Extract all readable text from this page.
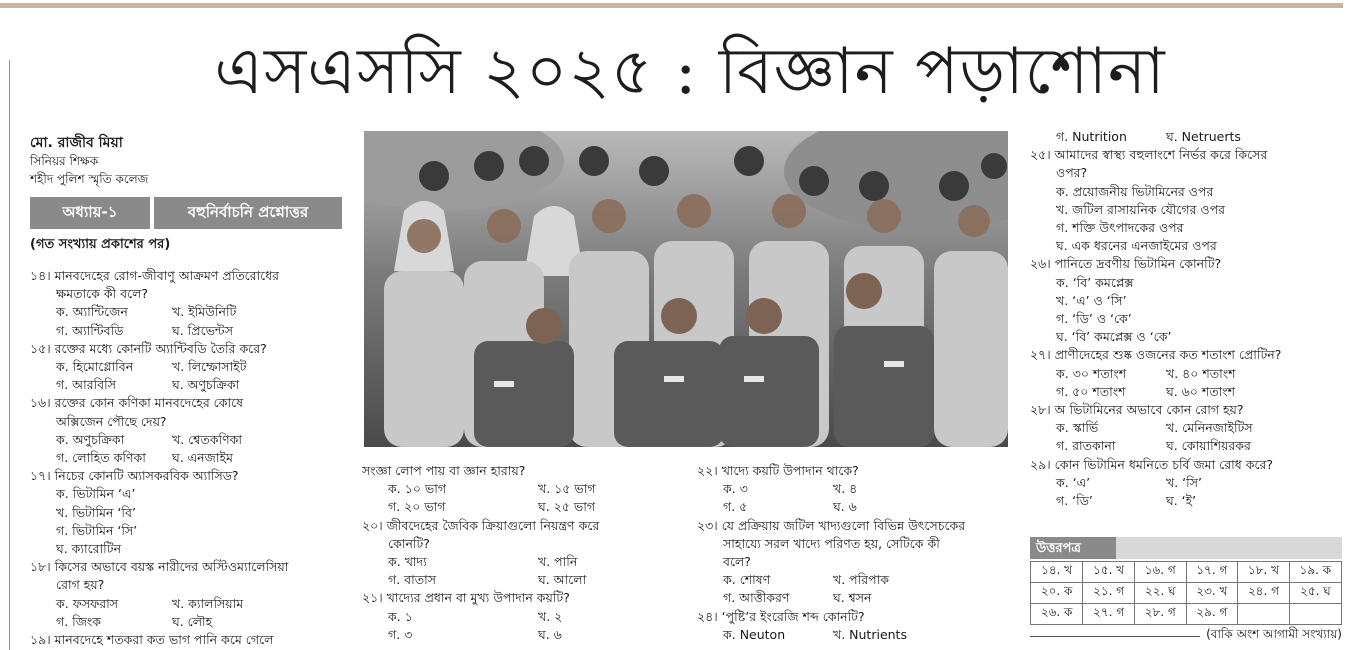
এসএসসি ২০২৫ : বিজ্ঞান পড়াশোনা
মো. রাজীব মিয়া
সিনিয়র শিক্ষক
শহীদ পুলিশ স্মৃতি কলেজ
অধ্যায়-১	বহুনির্বাচনি প্রশ্নোত্তর
(গত সংখ্যায় প্রকাশের পর)
১৪। মানবদেহের রোগ-জীবাণু আক্রমণ প্রতিরোধের
ক্ষমতাকে কী বলে?
ক. অ্যান্টিজেন	খ. ইমিউনিটি
গ. অ্যান্টিবডি	ঘ. প্রিভেন্টস
১৫। রক্তের মধ্যে কোনটি অ্যান্টিবডি তৈরি করে?
ক. হিমোগ্লোবিন	খ. লিম্ফোসাইট
গ. আরবিসি	ঘ. অণুচক্রিকা
১৬। রক্তের কোন কণিকা মানবদেহের কোষে
অক্সিজেন পৌছে দেয়?
ক. অণুচক্রিকা	খ. শ্বেতকণিকা
গ. লোহিত কণিকা	ঘ. এনজাইম
১৭। নিচের কোনটি অ্যাসকরবিক অ্যাসিড?
ক. ভিটামিন ‘এ’
খ. ভিটামিন ‘বি’
গ. ভিটামিন ‘সি’
ঘ. ক্যারোটিন
১৮। কিসের অভাবে বয়স্ক নারীদের অস্টিওম্যালেসিয়া
রোগ হয়?
ক. ফসফরাস	খ. ক্যালসিয়াম
গ. জিংক	ঘ. লৌহ
১৯। মানবদেহে শতকরা কত ভাগ পানি কমে গেলে
সংজ্ঞা লোপ পায় বা জ্ঞান হারায়?
ক. ১০ ভাগ	খ. ১৫ ভাগ
গ. ২০ ভাগ	ঘ. ২৫ ভাগ
২০। জীবদেহের জৈবিক ক্রিয়াগুলো নিয়ন্ত্রণ করে
কোনটি?
ক. খাদ্য	খ. পানি
গ. বাতাস	ঘ. আলো
২১। খাদ্যের প্রধান বা মুখ্য উপাদান কয়টি?
ক. ১	খ. ২
গ. ৩	ঘ. ৬
২২। খাদ্যে কয়টি উপাদান থাকে?
ক. ৩	খ. ৪
গ. ৫	ঘ. ৬
২৩। যে প্রক্রিয়ায় জটিল খাদ্যগুলো বিভিন্ন উৎসেচকের
সাহায্যে সরল খাদ্যে পরিণত হয়, সেটিকে কী
বলে?
ক. শোষণ	খ. পরিপাক
গ. আত্তীকরণ	ঘ. শ্বসন
২৪। ‘পুষ্টি’র ইংরেজি শব্দ কোনটি?
ক. Neuton	খ. Nutrients
গ. Nutrition	ঘ. Netruerts
২৫। আমাদের স্বাস্থ্য বহুলাংশে নির্ভর করে কিসের
ওপর?
ক. প্রয়োজনীয় ভিটামিনের ওপর
খ. জটিল রাসায়নিক যৌগের ওপর
গ. শক্তি উৎপাদকের ওপর
ঘ. এক ধরনের এনজাইমের ওপর
২৬। পানিতে দ্রবণীয় ভিটামিন কোনটি?
ক. ‘বি’ কমপ্লেক্স
খ. ‘এ’ ও ‘সি’
গ. ‘ডি’ ও ‘কে’
ঘ. ‘বি’ কমপ্লেক্স ও ‘কে’
২৭। প্রাণীদেহের শুষ্ক ওজনের কত শতাংশ প্রোটিন?
ক. ৩০ শতাংশ	খ. ৪০ শতাংশ
গ. ৫০ শতাংশ	ঘ. ৬০ শতাংশ
২৮। অ ভিটামিনের অভাবে কোন রোগ হয়?
ক. স্কার্ভি	খ. মেনিনজাইটিস
গ. রাতকানা	ঘ. কোয়াশিয়রকর
২৯। কোন ভিটামিন ধমনিতে চর্বি জমা রোধ করে?
ক. ‘এ’	খ. ‘সি’
গ. ‘ডি’	ঘ. ‘ই’
উত্তরপত্র
১৪. খ	১৫. খ	১৬. গ	১৭. গ	১৮. খ	১৯. ক
২০. ক	২১. গ	২২. ঘ	২৩. খ	২৪. গ	২৫. ঘ
২৬. ক	২৭. গ	২৮. গ	২৯. গ		
(বাকি অংশ আগামী সংখ্যায়)
